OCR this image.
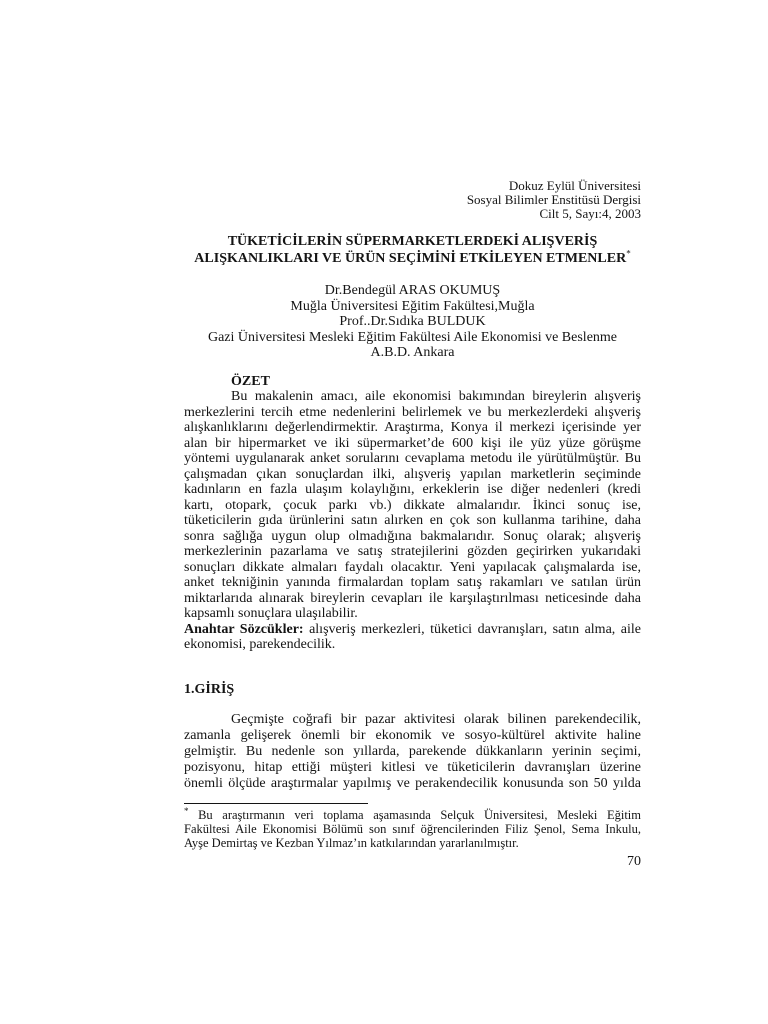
Dokuz Eylül Üniversitesi
Sosyal Bilimler Enstitüsü Dergisi
Cilt 5, Sayı:4, 2003
TÜKETİCİLERİN SÜPERMARKETLERDEKİ ALIŞVERİŞ
ALIŞKANLIKLARI VE ÜRÜN SEÇİMİNİ ETKİLEYEN ETMENLER*
Dr.Bendegül ARAS OKUMUŞ
Muğla Üniversitesi Eğitim Fakültesi,Muğla
Prof..Dr.Sıdıka BULDUK
Gazi Üniversitesi Mesleki Eğitim Fakültesi Aile Ekonomisi ve Beslenme
A.B.D. Ankara
ÖZET
Bu makalenin amacı, aile ekonomisi bakımından bireylerin alışveriş
merkezlerini tercih etme nedenlerini belirlemek ve bu merkezlerdeki alışveriş
alışkanlıklarını değerlendirmektir. Araştırma, Konya il merkezi içerisinde yer
alan bir hipermarket ve iki süpermarket’de 600 kişi ile yüz yüze görüşme
yöntemi uygulanarak anket sorularını cevaplama metodu ile yürütülmüştür. Bu
çalışmadan çıkan sonuçlardan ilki, alışveriş yapılan marketlerin seçiminde
kadınların en fazla ulaşım kolaylığını, erkeklerin ise diğer nedenleri (kredi
kartı, otopark, çocuk parkı vb.) dikkate almalarıdır. İkinci sonuç ise,
tüketicilerin gıda ürünlerini satın alırken en çok son kullanma tarihine, daha
sonra sağlığa uygun olup olmadığına bakmalarıdır. Sonuç olarak; alışveriş
merkezlerinin pazarlama ve satış stratejilerini gözden geçirirken yukarıdaki
sonuçları dikkate almaları faydalı olacaktır. Yeni yapılacak çalışmalarda ise,
anket tekniğinin yanında firmalardan toplam satış rakamları ve satılan ürün
miktarlarıda alınarak bireylerin cevapları ile karşılaştırılması neticesinde daha
kapsamlı sonuçlara ulaşılabilir.
Anahtar Sözcükler: alışveriş merkezleri, tüketici davranışları, satın alma, aile
ekonomisi, parekendecilik.
1.GİRİŞ
Geçmişte coğrafi bir pazar aktivitesi olarak bilinen parekendecilik,
zamanla gelişerek önemli bir ekonomik ve sosyo-kültürel aktivite haline
gelmiştir. Bu nedenle son yıllarda, parekende dükkanların yerinin seçimi,
pozisyonu, hitap ettiği müşteri kitlesi ve tüketicilerin davranışları üzerine
önemli ölçüde araştırmalar yapılmış ve perakendecilik konusunda son 50 yılda
* Bu araştırmanın veri toplama aşamasında Selçuk Üniversitesi, Mesleki Eğitim
Fakültesi Aile Ekonomisi Bölümü son sınıf öğrencilerinden Filiz Şenol, Sema Inkulu,
Ayşe Demirtaş ve Kezban Yılmaz’ın katkılarından yararlanılmıştır.
70
